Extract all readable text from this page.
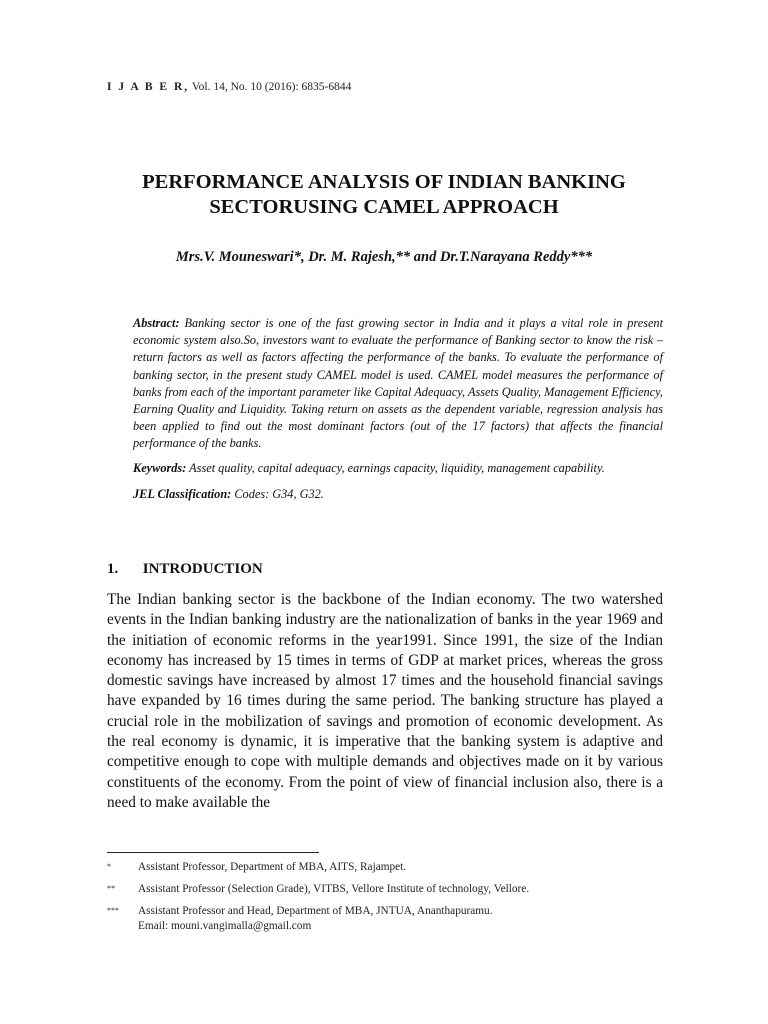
I J A B E R, Vol. 14, No. 10 (2016): 6835-6844
PERFORMANCE ANALYSIS OF INDIAN BANKING
SECTORUSING CAMEL APPROACH
Mrs.V. Mouneswari*, Dr. M. Rajesh,** and Dr.T.Narayana Reddy***

Abstract: Banking sector is one of the fast growing sector in India and it plays a vital role in present economic system also.So, investors want to evaluate the performance of Banking sector to know the risk –return factors as well as factors affecting the performance of the banks. To evaluate the performance of banking sector, in the present study CAMEL model is used. CAMEL model measures the performance of banks from each of the important parameter like Capital Adequacy, Assets Quality, Management Efficiency, Earning Quality and Liquidity. Taking return on assets as the dependent variable, regression analysis has been applied to find out the most dominant factors (out of the 17 factors) that affects the financial performance of the banks.

Keywords: Asset quality, capital adequacy, earnings capacity, liquidity, management capability.

JEL Classification: Codes: G34, G32.

1. INTRODUCTION

The Indian banking sector is the backbone of the Indian economy. The two watershed events in the Indian banking industry are the nationalization of banks in the year 1969 and the initiation of economic reforms in the year1991. Since 1991, the size of the Indian economy has increased by 15 times in terms of GDP at market prices, whereas the gross domestic savings have increased by almost 17 times and the household financial savings have expanded by 16 times during the same period. The banking structure has played a crucial role in the mobilization of savings and promotion of economic development. As the real economy is dynamic, it is imperative that the banking system is adaptive and competitive enough to cope with multiple demands and objectives made on it by various constituents of the economy. From the point of view of financial inclusion also, there is a need to make available the

*	Assistant Professor, Department of MBA, AITS, Rajampet.
**	Assistant Professor (Selection Grade), VITBS, Vellore Institute of technology, Vellore.
***	Assistant Professor and Head, Department of MBA, JNTUA, Ananthapuramu.
Email: mouni.vangimalla@gmail.com
